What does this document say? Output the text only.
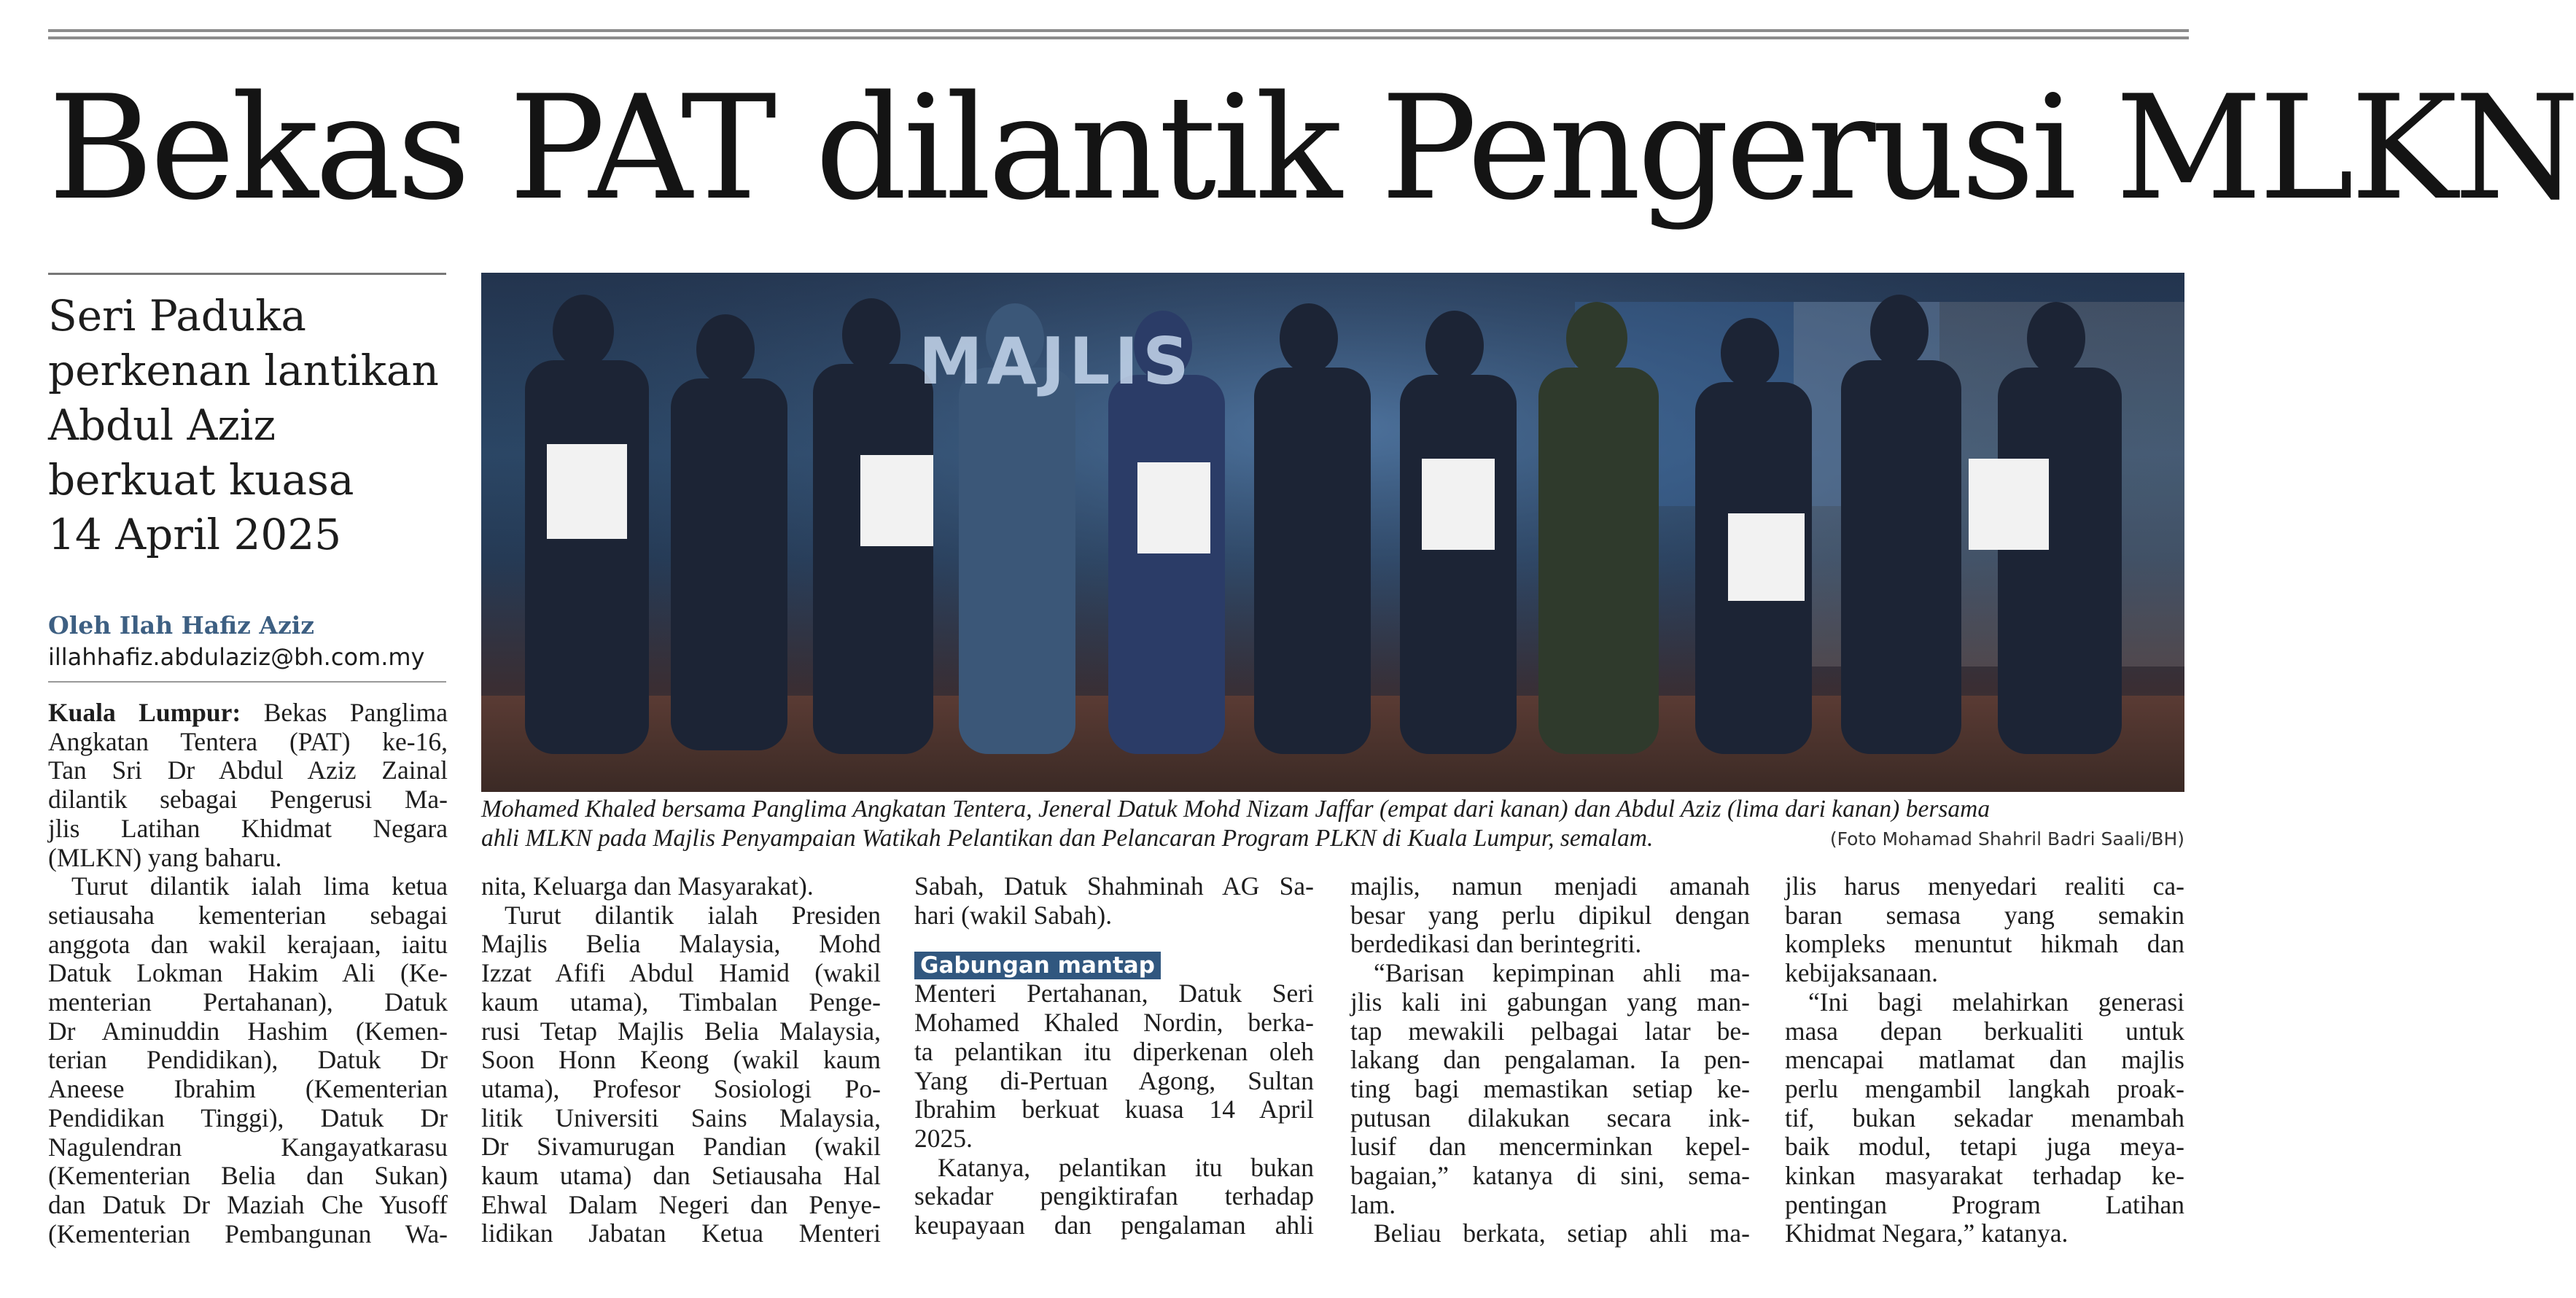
Bekas PAT dilantik Pengerusi MLKN
Seri Paduka
perkenan lantikan
Abdul Aziz
berkuat kuasa
14 April 2025
Oleh Ilah Hafiz Aziz
illahhafiz.abdulaziz@bh.com.my
MAJLIS
Mohamed Khaled bersama Panglima Angkatan Tentera, Jeneral Datuk Mohd Nizam Jaffar (empat dari kanan) dan Abdul Aziz (lima dari kanan) bersama
ahli MLKN pada Majlis Penyampaian Watikah Pelantikan dan Pelancaran Program PLKN di Kuala Lumpur, semalam.	(Foto Mohamad Shahril Badri Saali/BH)
Kuala Lumpur: Bekas Panglima
Angkatan Tentera (PAT) ke-16,
Tan Sri Dr Abdul Aziz Zainal
dilantik sebagai Pengerusi Ma-
jlis Latihan Khidmat Negara
(MLKN) yang baharu.
Turut dilantik ialah lima ketua
setiausaha kementerian sebagai
anggota dan wakil kerajaan, iaitu
Datuk Lokman Hakim Ali (Ke-
menterian Pertahanan), Datuk
Dr Aminuddin Hashim (Kemen-
terian Pendidikan), Datuk Dr
Aneese Ibrahim (Kementerian
Pendidikan Tinggi), Datuk Dr
Nagulendran Kangayatkarasu
(Kementerian Belia dan Sukan)
dan Datuk Dr Maziah Che Yusoff
(Kementerian Pembangunan Wa-
nita, Keluarga dan Masyarakat).
Turut dilantik ialah Presiden
Majlis Belia Malaysia, Mohd
Izzat Afifi Abdul Hamid (wakil
kaum utama), Timbalan Penge-
rusi Tetap Majlis Belia Malaysia,
Soon Honn Keong (wakil kaum
utama), Profesor Sosiologi Po-
litik Universiti Sains Malaysia,
Dr Sivamurugan Pandian (wakil
kaum utama) dan Setiausaha Hal
Ehwal Dalam Negeri dan Penye-
lidikan Jabatan Ketua Menteri
Sabah, Datuk Shahminah AG Sa-
hari (wakil Sabah).
Gabungan mantap
Menteri Pertahanan, Datuk Seri
Mohamed Khaled Nordin, berka-
ta pelantikan itu diperkenan oleh
Yang di-Pertuan Agong, Sultan
Ibrahim berkuat kuasa 14 April
2025.
Katanya, pelantikan itu bukan
sekadar pengiktirafan terhadap
keupayaan dan pengalaman ahli
majlis, namun menjadi amanah
besar yang perlu dipikul dengan
berdedikasi dan berintegriti.
“Barisan kepimpinan ahli ma-
jlis kali ini gabungan yang man-
tap mewakili pelbagai latar be-
lakang dan pengalaman. Ia pen-
ting bagi memastikan setiap ke-
putusan dilakukan secara ink-
lusif dan mencerminkan kepel-
bagaian,” katanya di sini, sema-
lam.
Beliau berkata, setiap ahli ma-
jlis harus menyedari realiti ca-
baran semasa yang semakin
kompleks menuntut hikmah dan
kebijaksanaan.
“Ini bagi melahirkan generasi
masa depan berkualiti untuk
mencapai matlamat dan majlis
perlu mengambil langkah proak-
tif, bukan sekadar menambah
baik modul, tetapi juga meya-
kinkan masyarakat terhadap ke-
pentingan Program Latihan
Khidmat Negara,” katanya.
